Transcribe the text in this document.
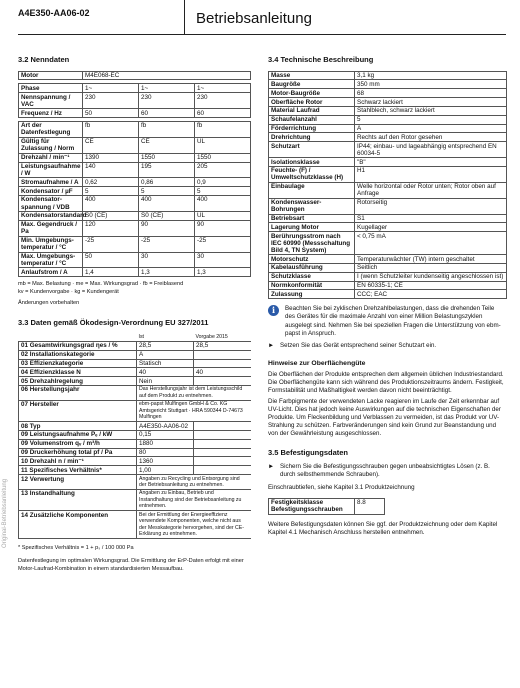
A4E350-AA06-02	Betriebsanleitung
Original-Betriebsanleitung
3.2 Nenndaten
Motor	M4E068-EC		

Phase	1~	1~	1~
Nennspannung / VAC	230	230	230
Frequenz / Hz	50	60	60

Art der Datenfestlegung	fb	fb	fb
Gültig für Zulassung / Norm	CE	CE	UL
Drehzahl / min⁻¹	1390	1550	1550
Leistungsaufnahme / W	140	195	205
Stromaufnahme / A	0,62	0,86	0,9
Kondensator / µF	5	5	5
Kondensator-spannung / VDB	400	400	400
Kondensatorstandard	S0 (CE)	S0 (CE)	UL
Max. Gegendruck / Pa	120	90	90
Min. Umgebungs-temperatur / °C	-25	-25	-25
Max. Umgebungs-temperatur / °C	50	30	30
Anlaufstrom / A	1,4	1,3	1,3
mb = Max. Belastung · me = Max. Wirkungsgrad · fb = Freiblasend
kv = Kundenvorgabe · kg = Kundengerät
Änderungen vorbehalten
3.3 Daten gemäß Ökodesign-Verordnung EU 327/2011
	Ist	Vorgabe 2015
01 Gesamtwirkungsgrad ηes / %	28,5	28,5
02 Installationskategorie	A	
03 Effizienzkategorie	Statisch	
04 Effizienzklasse N	40	40
05 Drehzahlregelung	Nein	
06 Herstellungsjahr	Das Herstellungsjahr ist dem Leistungsschild auf dem Produkt zu entnehmen.	
07 Hersteller	ebm-papst Mulfingen GmbH & Co. KG Amtsgericht Stuttgart · HRA 590344 D-74673 Mulfingen	
08 Typ	A4E350-AA06-02	
09 Leistungsaufnahme Pₑ / kW	0,15	
09 Volumenstrom qᵥ / m³/h	1880	
09 Druckerhöhung total pf / Pa	80	
10 Drehzahl n / min⁻¹	1360	
11 Spezifisches Verhältnis*	1,00	
12 Verwertung	Angaben zu Recycling und Entsorgung sind der Betriebsanleitung zu entnehmen.	
13 Instandhaltung	Angaben zu Einbau, Betrieb und Instandhaltung sind der Betriebsanleitung zu entnehmen.	
14 Zusätzliche Komponenten	Bei der Ermittlung der Energieeffizienz verwendete Komponenten, welche nicht aus der Messkategorie hervorgehen, sind der CE-Erklärung zu entnehmen.	
* Spezifisches Verhältnis = 1 + pₛ / 100 000 Pa
Datenfestlegung im optimalen Wirkungsgrad. Die Ermittlung der ErP-Daten erfolgt mit einer Motor-Laufrad-Kombination in einem standardisierten Messaufbau.
3.4 Technische Beschreibung
Masse	3,1 kg
Baugröße	350 mm
Motor-Baugröße	68
Oberfläche Rotor	Schwarz lackiert
Material Laufrad	Stahlblech, schwarz lackiert
Schaufelanzahl	5
Förderrichtung	A
Drehrichtung	Rechts auf den Rotor gesehen
Schutzart	IP44; einbau- und lageabhängig entsprechend EN 60034-5
Isolationsklasse	"B"
Feuchte- (F) / Umweltschutzklasse (H)	H1
Einbaulage	Welle horizontal oder Rotor unten; Rotor oben auf Anfrage
Kondenswasser-Bohrungen	Rotorseitig
Betriebsart	S1
Lagerung Motor	Kugellager
Berührungsstrom nach IEC 60990 (Messschaltung Bild 4, TN System)	< 0,75 mA
Motorschutz	Temperaturwächter (TW) intern geschaltet
Kabelausführung	Seitlich
Schutzklasse	I (wenn Schutzleiter kundenseitig angeschlossen ist)
Normkonformität	EN 60335-1; CE
Zulassung	CCC; EAC
i	Beachten Sie bei zyklischen Drehzahlbelastungen, dass die drehenden Teile des Gerätes für die maximale Anzahl von einer Million Belastungszyklen ausgelegt sind. Nehmen Sie bei speziellen Fragen die Unterstützung von ebm-papst in Anspruch.
► Setzen Sie das Gerät entsprechend seiner Schutzart ein.
Hinweise zur Oberflächengüte
Die Oberflächen der Produkte entsprechen dem allgemein üblichen Industriestandard. Die Oberflächengüte kann sich während des Produktionszeitraums ändern. Festigkeit, Formstabilität und Maßhaltigkeit werden davon nicht beeinträchtigt.
Die Farbpigmente der verwendeten Lacke reagieren im Laufe der Zeit erkennbar auf UV-Licht. Dies hat jedoch keine Auswirkungen auf die technischen Eigenschaften der Produkte. Um Fleckenbildung und Verblassen zu vermeiden, ist das Produkt vor UV-Strahlung zu schützen. Farbveränderungen sind kein Grund zur Beanstandung und von der Gewährleistung ausgeschlossen.
3.5 Befestigungsdaten
► Sichern Sie die Befestigungsschrauben gegen unbeabsichtigtes Lösen (z. B. durch selbsthemmende Schrauben).
Einschraubtiefen, siehe Kapitel 3.1 Produktzeichnung
Festigkeitsklasse Befestigungsschrauben	8.8
Weitere Befestigungsdaten können Sie ggf. der Produktzeichnung oder dem Kapitel Kapitel 4.1 Mechanisch Anschluss herstellen entnehmen.
